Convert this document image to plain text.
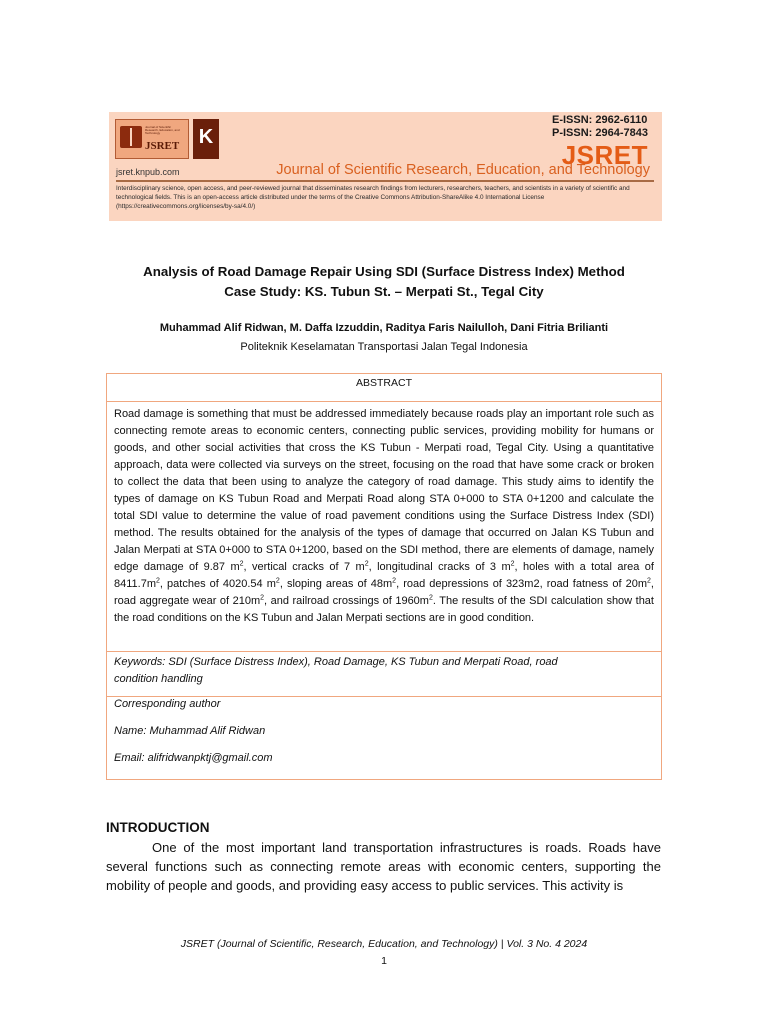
Journal of Scientific Research, Education, and Technology
JSRET K
jsret.knpub.com
E-ISSN: 2962-6110
P-ISSN: 2964-7843
JSRET
Journal of Scientific Research, Education, and Technology
Interdisciplinary science, open access, and peer-reviewed journal that disseminates research findings from lecturers, researchers, teachers, and scientists in a variety of scientific and technological fields. This is an open-access article distributed under the terms of the Creative Commons Attribution-ShareAlike 4.0 International License (https://creativecommons.org/licenses/by-sa/4.0/)
Analysis of Road Damage Repair Using SDI (Surface Distress Index) Method
Case Study: KS. Tubun St. – Merpati St., Tegal City
Muhammad Alif Ridwan, M. Daffa Izzuddin, Raditya Faris Nailulloh, Dani Fitria Brilianti
Politeknik Keselamatan Transportasi Jalan Tegal Indonesia
ABSTRACT
Road damage is something that must be addressed immediately because roads play an important role such as connecting remote areas to economic centers, connecting public services, providing mobility for humans or goods, and other social activities that cross the KS Tubun - Merpati road, Tegal City. Using a quantitative approach, data were collected via surveys on the street, focusing on the road that have some crack or broken to collect the data that been using to analyze the category of road damage. This study aims to identify the types of damage on KS Tubun Road and Merpati Road along STA 0+000 to STA 0+1200 and calculate the total SDI value to determine the value of road pavement conditions using the Surface Distress Index (SDI) method. The results obtained for the analysis of the types of damage that occurred on Jalan KS Tubun and Jalan Merpati at STA 0+000 to STA 0+1200, based on the SDI method, there are elements of damage, namely edge damage of 9.87 $m^2$, vertical cracks of 7 $m^2$, longitudinal cracks of 3 $m^2$, holes with a total area of $8411.7m^2$, patches of 4020.54 $m^2$, sloping areas of $48m^2$, road depressions of 323m2, road fatness of $20m^2$, road aggregate wear of $210m^2$, and railroad crossings of $1960m^2$. The results of the SDI calculation show that the road conditions on the KS Tubun and Jalan Merpati sections are in good condition.
Keywords: SDI (Surface Distress Index), Road Damage, KS Tubun and Merpati Road, road condition handling
Corresponding author
Name: Muhammad Alif Ridwan
Email: alifridwanpktj@gmail.com
INTRODUCTION
One of the most important land transportation infrastructures is roads. Roads have several functions such as connecting remote areas with economic centers, supporting the mobility of people and goods, and providing easy access to public services. This activity is
JSRET (Journal of Scientific, Research, Education, and Technology) | Vol. 3 No. 4 2024
1
